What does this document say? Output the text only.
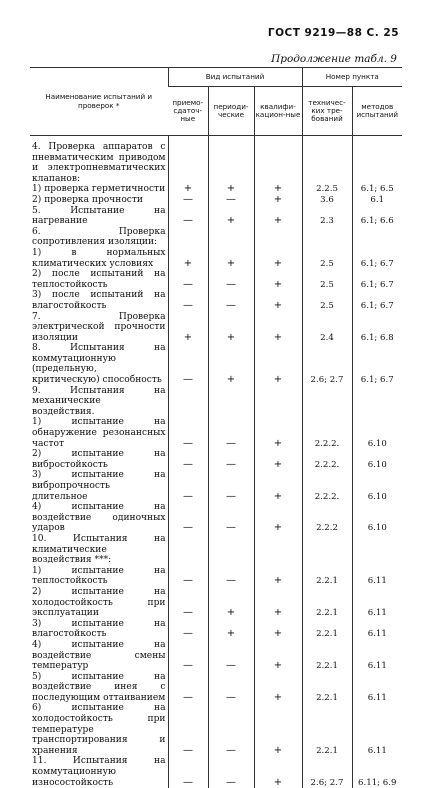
ГОСТ 9219—88 С. 25
Продолжение табл. 9
Наименование испытаний и проверок *	Вид испытаний			Номер пункта	
	приемо-сдаточ-ные	периоди-ческие	квалифи-кацион-ные	техничес-ких тре-бований	методов испытаний
4. Проверка аппаратов с пневматическим приводом и электропневматических клапанов:					
1) проверка герметичности	+	+	+	2.2.5	6.1; 6.5
2) проверка прочности	—	—	+	3.6	6.1
5. Испытание на нагревание	—	+	+	2.3	6.1; 6.6
6. Проверка сопротивления изоляции:					
1) в нормальных климатических условиях	+	+	+	2.5	6.1; 6.7
2) после испытаний на теплостойкость	—	—	+	2.5	6.1; 6.7
3) после испытаний на влагостойкость	—	—	+	2.5	6.1; 6.7
7. Проверка электрической прочности изоляции	+	+	+	2.4	6.1; 6.8
8. Испытания на коммутационную (предельную, критическую) способность	—	+	+	2.6; 2.7	6.1; 6.7
9. Испытания на механические воздействия.					
1) испытание на обнаружение резонансных частот	—	—	+	2.2.2.	6.10
2) испытание на вибростойкость	—	—	+	2.2.2.	6.10
3) испытание на вибропрочность длительное	—	—	+	2.2.2.	6.10
4) испытание на воздействие одиночных ударов	—	—	+	2.2.2	6.10
10. Испытания на климатические воздействия ***:					
1) испытание на теплостойкость	—	—	+	2.2.1	6.11
2) испытание на холодостойкость при эксплуатации	—	+	+	2.2.1	6.11
3) испытание на влагостойкость	—	+	+	2.2.1	6.11
4) испытание на воздействие смены температур	—	—	+	2.2.1	6.11
5) испытание на воздействие инея с последующим оттаиванием	—	—	+	2.2.1	6.11
6) испытание на холодостойкость при температуре транспортирования и хранения	—	—	+	2.2.1	6.11
11. Испытания на коммутационную износостойкость	—	—	+	2.6; 2.7	6.11; 6.9
